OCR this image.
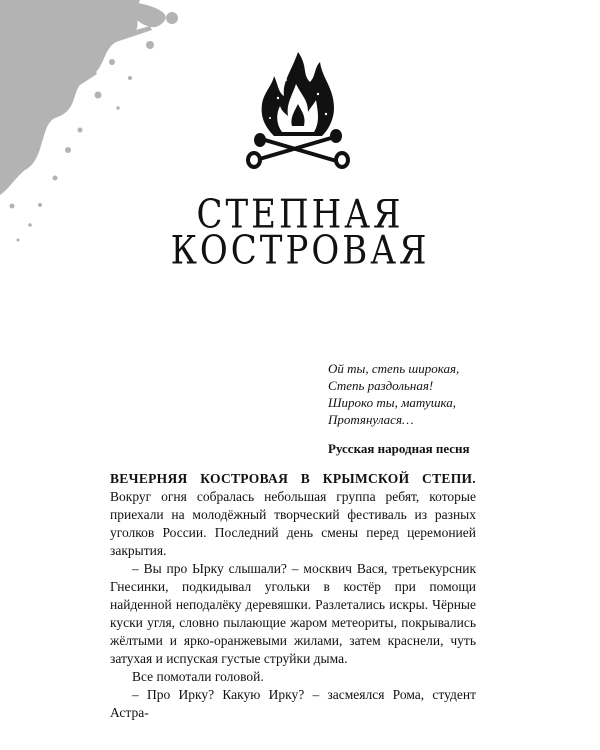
СТЕПНАЯ
КОСТРОВАЯ
Ой ты, степь широкая,
Степь раздольная!
Широко ты, матушка,
Протянулася…
Русская народная песня

ВЕЧЕРНЯЯ КОСТРОВАЯ В КРЫМСКОЙ СТЕПИ. Вокруг огня собралась небольшая группа ребят, которые приехали на молодёжный творческий фестиваль из разных уголков России. Последний день смены перед церемонией закрытия.

– Вы про Ырку слышали? – москвич Вася, третьекурсник Гнесинки, подкидывал угольки в костёр при помощи найденной неподалёку деревяшки. Разлетались искры. Чёрные куски угля, словно пылающие жаром метеориты, покрывались жёлтыми и ярко-оранжевыми жилами, затем краснели, чуть затухая и испуская густые струйки дыма.

Все помотали головой.

– Про Ирку? Какую Ирку? – засмеялся Рома, студент Астра-
